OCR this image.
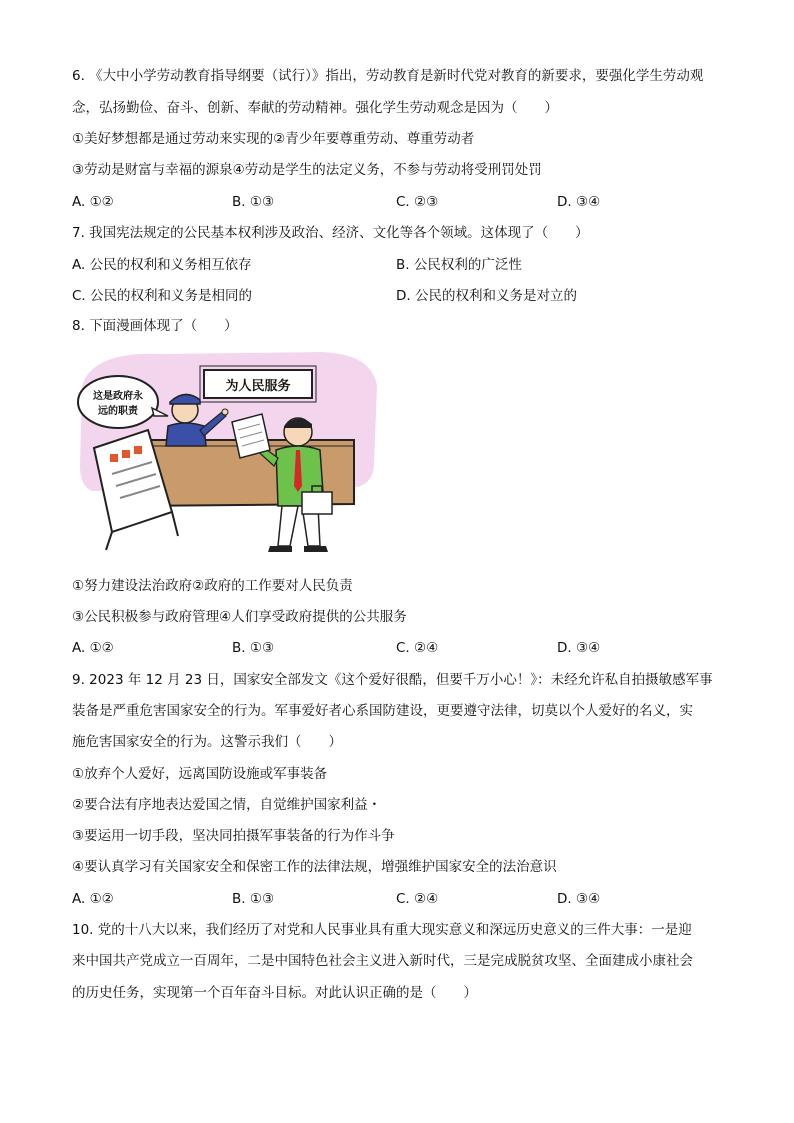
6. 《大中小学劳动教育指导纲要（试行）》指出，劳动教育是新时代党对教育的新要求，要强化学生劳动观
念，弘扬勤俭、奋斗、创新、奉献的劳动精神。强化学生劳动观念是因为（　　）
①美好梦想都是通过劳动来实现的②青少年要尊重劳动、尊重劳动者
③劳动是财富与幸福的源泉④劳动是学生的法定义务，不参与劳动将受刑罚处罚
A. ①②	B. ①③	C. ②③	D. ③④
7. 我国宪法规定的公民基本权利涉及政治、经济、文化等各个领域。这体现了（　　）
A. 公民的权利和义务相互依存	B. 公民权利的广泛性
C. 公民的权利和义务是相同的	D. 公民的权利和义务是对立的
8. 下面漫画体现了（　　）
为人民服务
这是政府永
远的职责
①努力建设法治政府②政府的工作要对人民负责
③公民积极参与政府管理④人们享受政府提供的公共服务
A. ①②	B. ①③	C. ②④	D. ③④
9. 2023 年 12 月 23 日，国家安全部发文《这个爱好很酷，但要千万小心！》：未经允许私自拍摄敏感军事
装备是严重危害国家安全的行为。军事爱好者心系国防建设，更要遵守法律，切莫以个人爱好的名义，实
施危害国家安全的行为。这警示我们（　　）
①放弃个人爱好，远离国防设施或军事装备
②要合法有序地表达爱国之情，自觉维护国家利益・
③要运用一切手段，坚决同拍摄军事装备的行为作斗争
④要认真学习有关国家安全和保密工作的法律法规，增强维护国家安全的法治意识
A. ①②	B. ①③	C. ②④	D. ③④
10. 党的十八大以来，我们经历了对党和人民事业具有重大现实意义和深远历史意义的三件大事：一是迎
来中国共产党成立一百周年，二是中国特色社会主义进入新时代，三是完成脱贫攻坚、全面建成小康社会
的历史任务，实现第一个百年奋斗目标。对此认识正确的是（　　）
